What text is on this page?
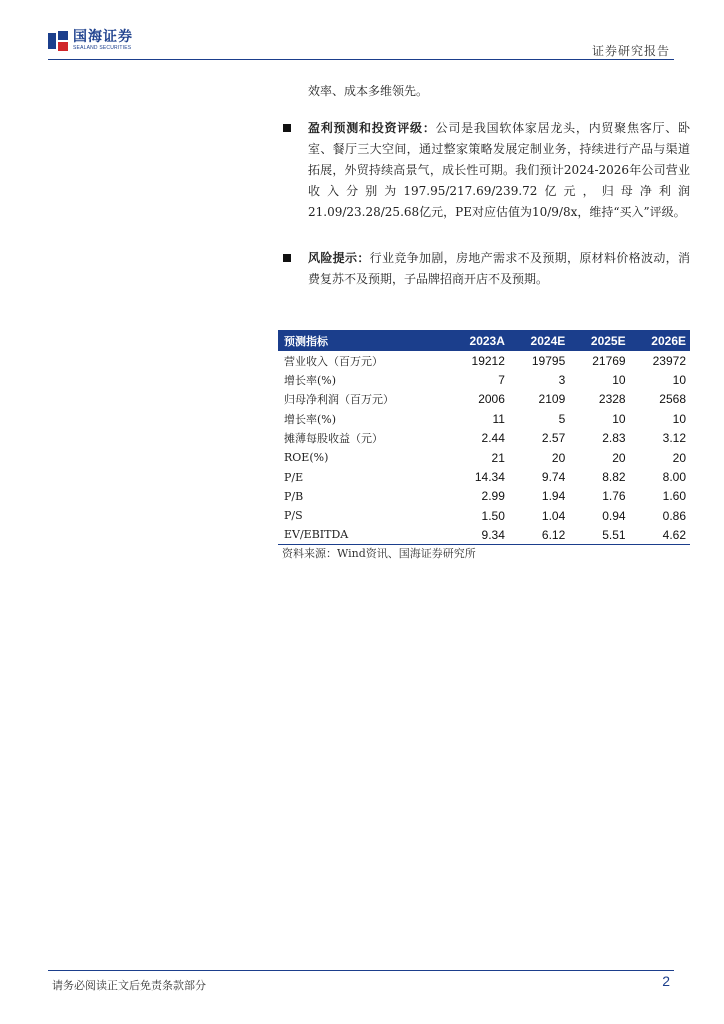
国海证券
SEALAND SECURITIES	证券研究报告
效率、成本多维领先。
盈利预测和投资评级：公司是我国软体家居龙头，内贸聚焦客厅、卧室、餐厅三大空间，通过整家策略发展定制业务，持续进行产品与渠道拓展，外贸持续高景气，成长性可期。我们预计2024-2026年公司营业收入分别为197.95/217.69/239.72亿元，归母净利润21.09/23.28/25.68亿元，PE对应估值为10/9/8x，维持“买入”评级。
风险提示：行业竞争加剧，房地产需求不及预期，原材料价格波动，消费复苏不及预期，子品牌招商开店不及预期。
预测指标	2023A	2024E	2025E	2026E
营业收入（百万元）	19212	19795	21769	23972
增长率(%)	7	3	10	10
归母净利润（百万元）	2006	2109	2328	2568
增长率(%)	11	5	10	10
摊薄每股收益（元）	2.44	2.57	2.83	3.12
ROE(%)	21	20	20	20
P/E	14.34	9.74	8.82	8.00
P/B	2.99	1.94	1.76	1.60
P/S	1.50	1.04	0.94	0.86
EV/EBITDA	9.34	6.12	5.51	4.62
资料来源：Wind资讯、国海证券研究所
请务必阅读正文后免责条款部分	2
